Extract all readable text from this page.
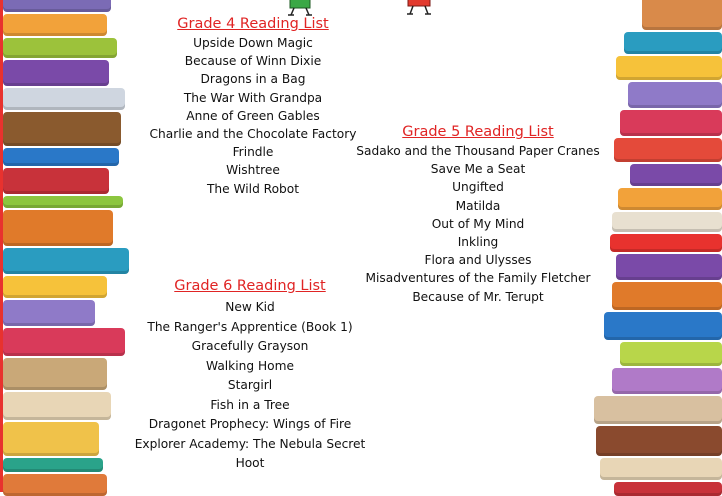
Grade 4 Reading List
Upside Down Magic
Because of Winn Dixie
Dragons in a Bag
The War With Grandpa
Anne of Green Gables
Charlie and the Chocolate Factory
Frindle
Wishtree
The Wild Robot
Grade 5 Reading List
Sadako and the Thousand Paper Cranes
Save Me a Seat
Ungifted
Matilda
Out of My Mind
Inkling
Flora and Ulysses
Misadventures of the Family Fletcher
Because of Mr. Terupt
Grade 6 Reading List
New Kid
The Ranger's Apprentice (Book 1)
Gracefully Grayson
Walking Home
Stargirl
Fish in a Tree
Dragonet Prophecy: Wings of Fire
Explorer Academy: The Nebula Secret
Hoot
